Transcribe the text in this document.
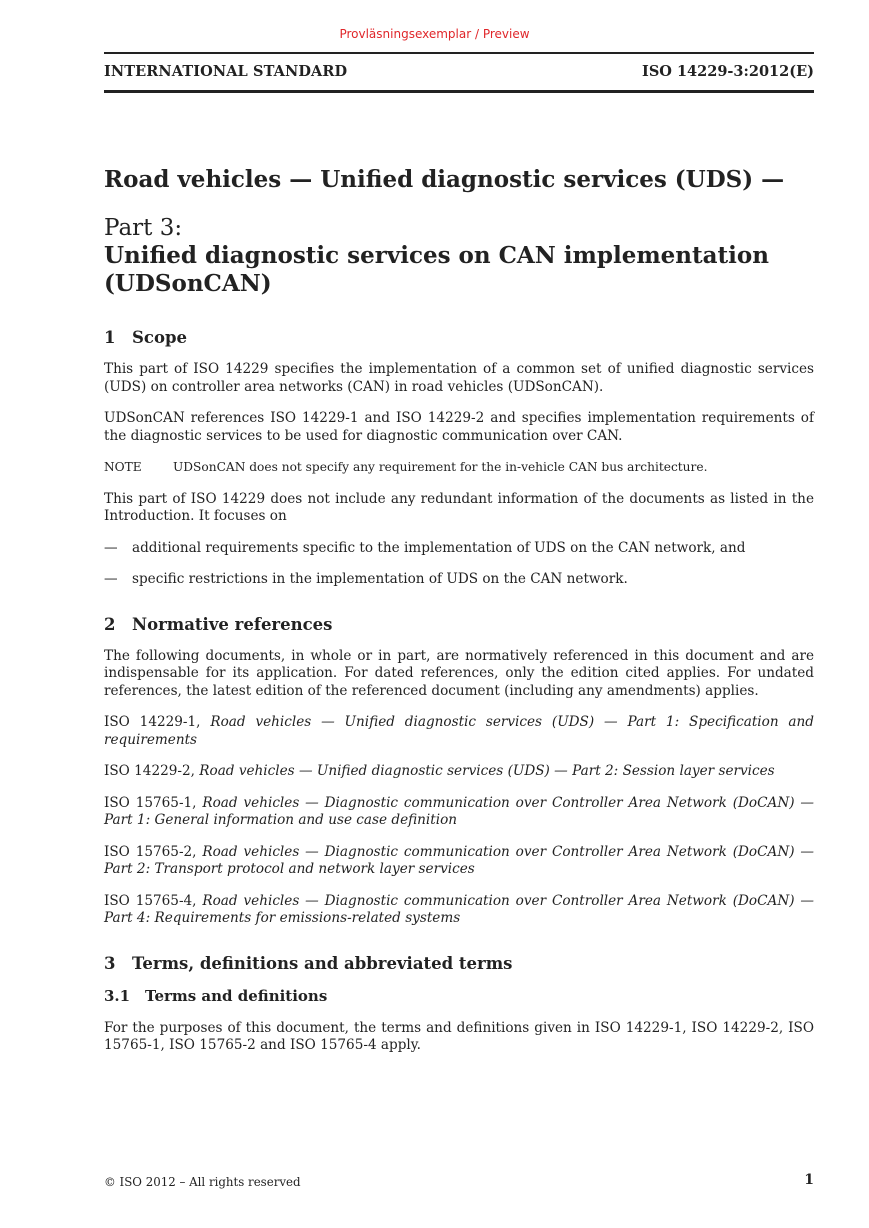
Provläsningsexemplar / Preview
INTERNATIONAL STANDARD	ISO 14229-3:2012(E)
Road vehicles — Unified diagnostic services (UDS) —
Part 3:
Unified diagnostic services on CAN implementation (UDSonCAN)
1 Scope

This part of ISO 14229 specifies the implementation of a common set of unified diagnostic services (UDS) on controller area networks (CAN) in road vehicles (UDSonCAN).

UDSonCAN references ISO 14229-1 and ISO 14229-2 and specifies implementation requirements of the diagnostic services to be used for diagnostic communication over CAN.

NOTE	UDSonCAN does not specify any requirement for the in-vehicle CAN bus architecture.

This part of ISO 14229 does not include any redundant information of the documents as listed in the Introduction. It focuses on

—	additional requirements specific to the implementation of UDS on the CAN network, and
—	specific restrictions in the implementation of UDS on the CAN network.
2 Normative references

The following documents, in whole or in part, are normatively referenced in this document and are indispensable for its application. For dated references, only the edition cited applies. For undated references, the latest edition of the referenced document (including any amendments) applies.

ISO 14229-1, Road vehicles — Unified diagnostic services (UDS) — Part 1: Specification and requirements
ISO 14229-2, Road vehicles — Unified diagnostic services (UDS) — Part 2: Session layer services
ISO 15765-1, Road vehicles — Diagnostic communication over Controller Area Network (DoCAN) — Part 1: General information and use case definition
ISO 15765-2, Road vehicles — Diagnostic communication over Controller Area Network (DoCAN) — Part 2: Transport protocol and network layer services
ISO 15765-4, Road vehicles — Diagnostic communication over Controller Area Network (DoCAN) — Part 4: Requirements for emissions-related systems
3 Terms, definitions and abbreviated terms
3.1 Terms and definitions

For the purposes of this document, the terms and definitions given in ISO 14229-1, ISO 14229-2, ISO 15765-1, ISO 15765-2 and ISO 15765-4 apply.

© ISO 2012 – All rights reserved	1
